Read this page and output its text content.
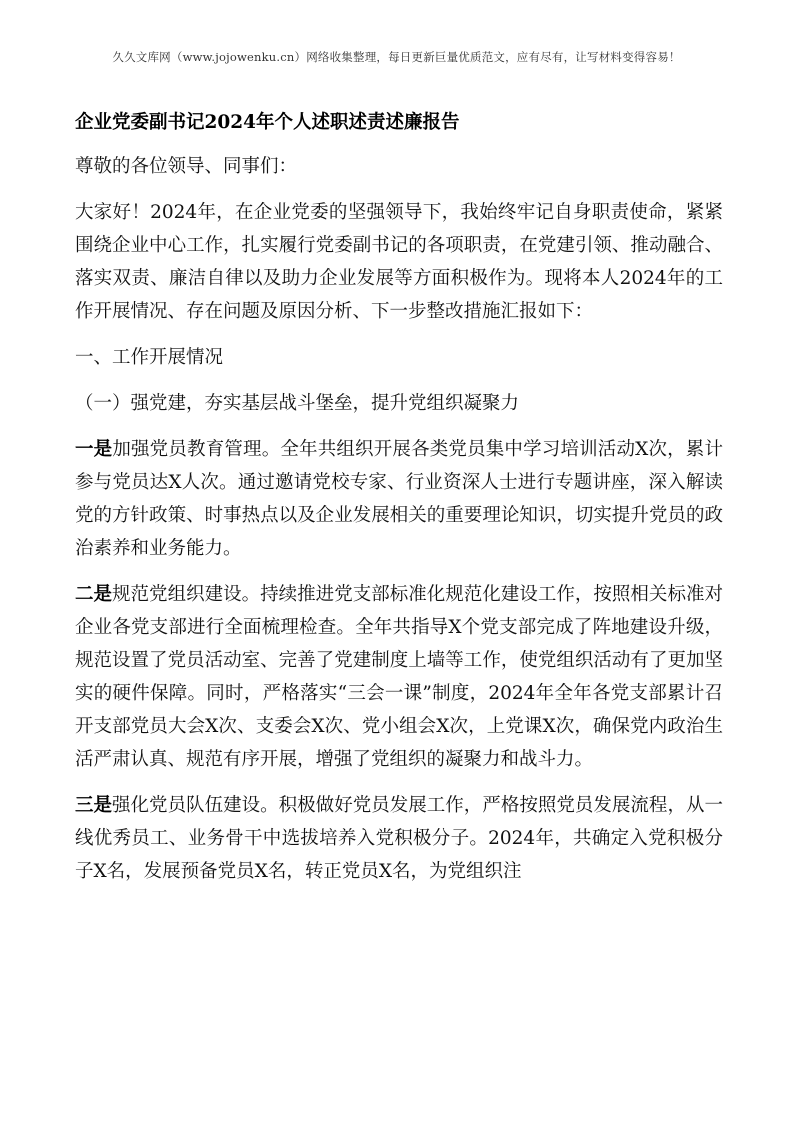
久久文库网（www.jojowenku.cn）网络收集整理，每日更新巨量优质范文，应有尽有，让写材料变得容易！
企业党委副书记2024年个人述职述责述廉报告

尊敬的各位领导、同事们：

大家好！2024年，在企业党委的坚强领导下，我始终牢记自身职责使命，紧紧围绕企业中心工作，扎实履行党委副书记的各项职责，在党建引领、推动融合、落实双责、廉洁自律以及助力企业发展等方面积极作为。现将本人2024年的工作开展情况、存在问题及原因分析、下一步整改措施汇报如下：

一、工作开展情况

（一）强党建，夯实基层战斗堡垒，提升党组织凝聚力

一是加强党员教育管理。全年共组织开展各类党员集中学习培训活动X次，累计参与党员达X人次。通过邀请党校专家、行业资深人士进行专题讲座，深入解读党的方针政策、时事热点以及企业发展相关的重要理论知识，切实提升党员的政治素养和业务能力。

二是规范党组织建设。持续推进党支部标准化规范化建设工作，按照相关标准对企业各党支部进行全面梳理检查。全年共指导X个党支部完成了阵地建设升级，规范设置了党员活动室、完善了党建制度上墙等工作，使党组织活动有了更加坚实的硬件保障。同时，严格落实“三会一课”制度，2024年全年各党支部累计召开支部党员大会X次、支委会X次、党小组会X次，上党课X次，确保党内政治生活严肃认真、规范有序开展，增强了党组织的凝聚力和战斗力。

三是强化党员队伍建设。积极做好党员发展工作，严格按照党员发展流程，从一线优秀员工、业务骨干中选拔培养入党积极分子。2024年，共确定入党积极分子X名，发展预备党员X名，转正党员X名，为党组织注
